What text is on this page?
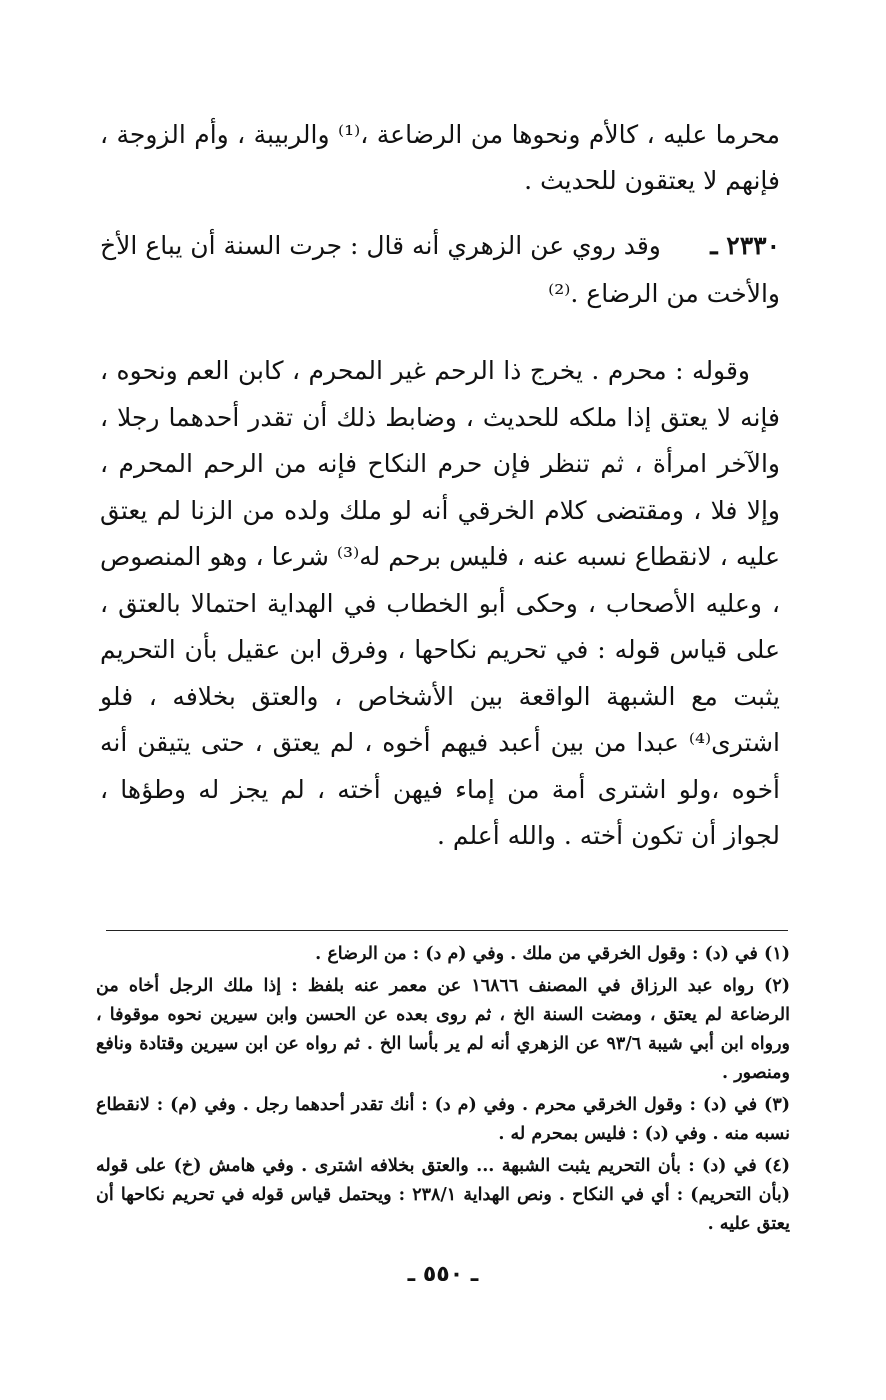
محرما عليه ، كالأم ونحوها من الرضاعة ،⁽¹⁾ والربيبة ، وأم الزوجة ، فإنهم لا يعتقون للحديث .
وقد روي عن الزهري أنه قال : جرت السنة أن يباع الأخ ٢٣٣٠ ـ
والأخت من الرضاع .⁽²⁾

وقوله : محرم . يخرج ذا الرحم غير المحرم ، كابن العم ونحوه ، فإنه لا يعتق إذا ملكه للحديث ، وضابط ذلك أن تقدر أحدهما رجلا ، والآخر امرأة ، ثم تنظر فإن حرم النكاح فإنه من الرحم المحرم ، وإلا فلا ، ومقتضى كلام الخرقي أنه لو ملك ولده من الزنا لم يعتق عليه ، لانقطاع نسبه عنه ، فليس برحم له⁽³⁾ شرعا ، وهو المنصوص ، وعليه الأصحاب ، وحكى أبو الخطاب في الهداية احتمالا بالعتق ، على قياس قوله : في تحريم نكاحها ، وفرق ابن عقيل بأن التحريم يثبت مع الشبهة الواقعة بين الأشخاص ، والعتق بخلافه ، فلو اشترى⁽⁴⁾ عبدا من بين أعبد فيهم أخوه ، لم يعتق ، حتى يتيقن أنه أخوه ،ولو اشترى أمة من إماء فيهن أخته ، لم يجز له وطؤها ، لجواز أن تكون أخته . والله أعلم .

(١) في (د) : وقول الخرقي من ملك . وفي (م د) : من الرضاع .

(٢) رواه عبد الرزاق في المصنف ١٦٨٦٦ عن معمر عنه بلفظ : إذا ملك الرجل أخاه من الرضاعة لم يعتق ، ومضت السنة الخ ، ثم روى بعده عن الحسن وابن سيرين نحوه موقوفا ، ورواه ابن أبي شيبة ٩٣/٦ عن الزهري أنه لم ير بأسا الخ . ثم رواه عن ابن سيرين وقتادة ونافع ومنصور .

(٣) في (د) : وقول الخرقي محرم . وفي (م د) : أنك تقدر أحدهما رجل . وفي (م) : لانقطاع نسبه منه . وفي (د) : فليس بمحرم له .

(٤) في (د) : بأن التحريم يثبت الشبهة ... والعتق بخلافه اشترى . وفي هامش (خ) على قوله (بأن التحريم) : أي في النكاح . ونص الهداية ٢٣٨/١ : ويحتمل قياس قوله في تحريم نكاحها أن يعتق عليه .

ـ ٥٥٠ ـ
